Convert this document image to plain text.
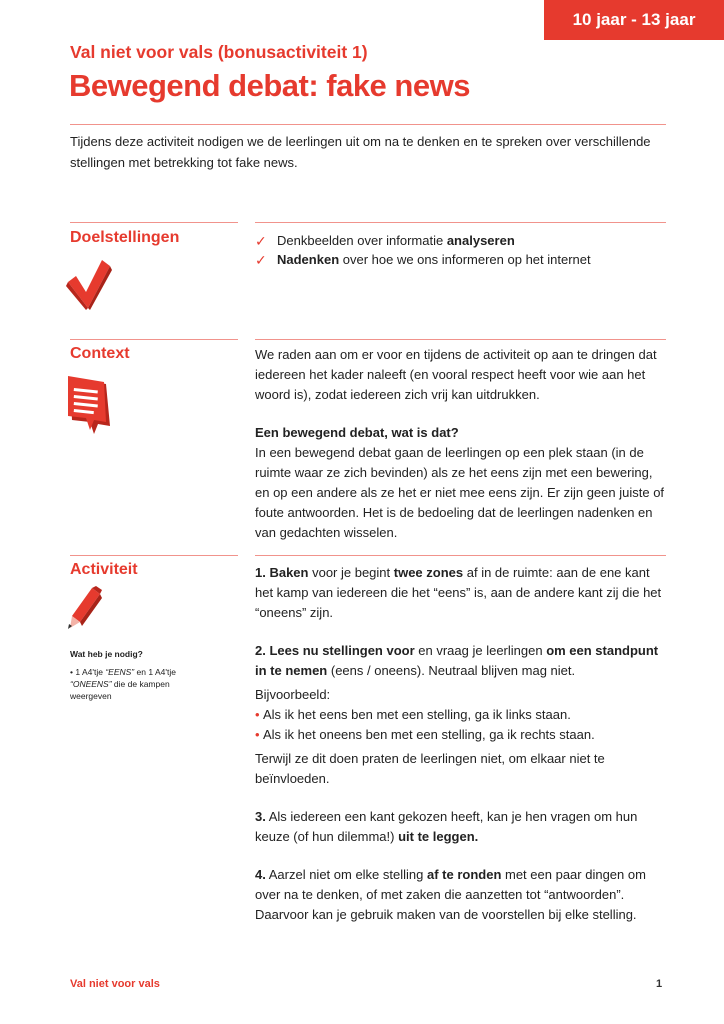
10 jaar - 13 jaar
Val niet voor vals (bonusactiviteit 1)
Bewegend debat: fake news
Tijdens deze activiteit nodigen we de leerlingen uit om na te denken en te spreken over verschillende stellingen met betrekking tot fake news.
Doelstellingen	✓ Denkbeelden over informatie analyseren
✓ Nadenken over hoe we ons informeren op het internet
Context	We raden aan om er voor en tijdens de activiteit op aan te dringen dat iedereen het kader naleeft (en vooral respect heeft voor wie aan het woord is), zodat iedereen zich vrij kan uitdrukken.

Een bewegend debat, wat is dat?

In een bewegend debat gaan de leerlingen op een plek staan (in de ruimte waar ze zich bevinden) als ze het eens zijn met een bewering, en op een andere als ze het er niet mee eens zijn. Er zijn geen juiste of foute antwoorden. Het is de bedoeling dat de leerlingen nadenken en van gedachten wisselen.

Activiteit
Wat heb je nodig?
• 1 A4'tje “EENS” en 1 A4'tje “ONEENS” die de kampen weergeven

1. Baken voor je begint twee zones af in de ruimte: aan de ene kant het kamp van iedereen die het “eens” is, aan de andere kant zij die het “oneens” zijn.

2. Lees nu stellingen voor en vraag je leerlingen om een standpunt in te nemen (eens / oneens). Neutraal blijven mag niet.

Bijvoorbeeld:
• Als ik het eens ben met een stelling, ga ik links staan.
• Als ik het oneens ben met een stelling, ga ik rechts staan.

Terwijl ze dit doen praten de leerlingen niet, om elkaar niet te beïnvloeden.

3. Als iedereen een kant gekozen heeft, kan je hen vragen om hun keuze (of hun dilemma!) uit te leggen.

4. Aarzel niet om elke stelling af te ronden met een paar dingen om over na te denken, of met zaken die aanzetten tot “antwoorden”. Daarvoor kan je gebruik maken van de voorstellen bij elke stelling.

Val niet voor vals	1
